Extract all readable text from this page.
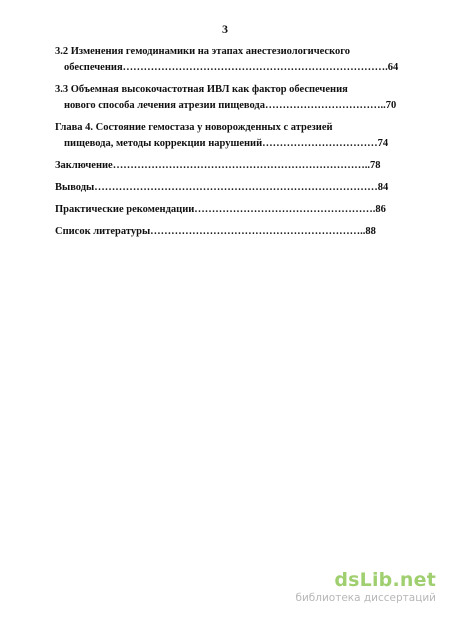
3
3.2 Изменения гемодинамики на этапах анестезиологического
обеспечения………………………………………………………………….64
3.3 Объемная высокочастотная ИВЛ как фактор обеспечения
нового способа лечения атрезии пищевода……………………………..70
Глава 4. Состояние гемостаза у новорожденных с атрезией
пищевода, методы коррекции нарушений……………………………74
Заключение………………………………………………………………..78
Выводы………………………………………………………………………84
Практические рекомендации…………………………………………….86
Список литературы……………………………………………………..88
dsLib.net
библиотека диссертаций
